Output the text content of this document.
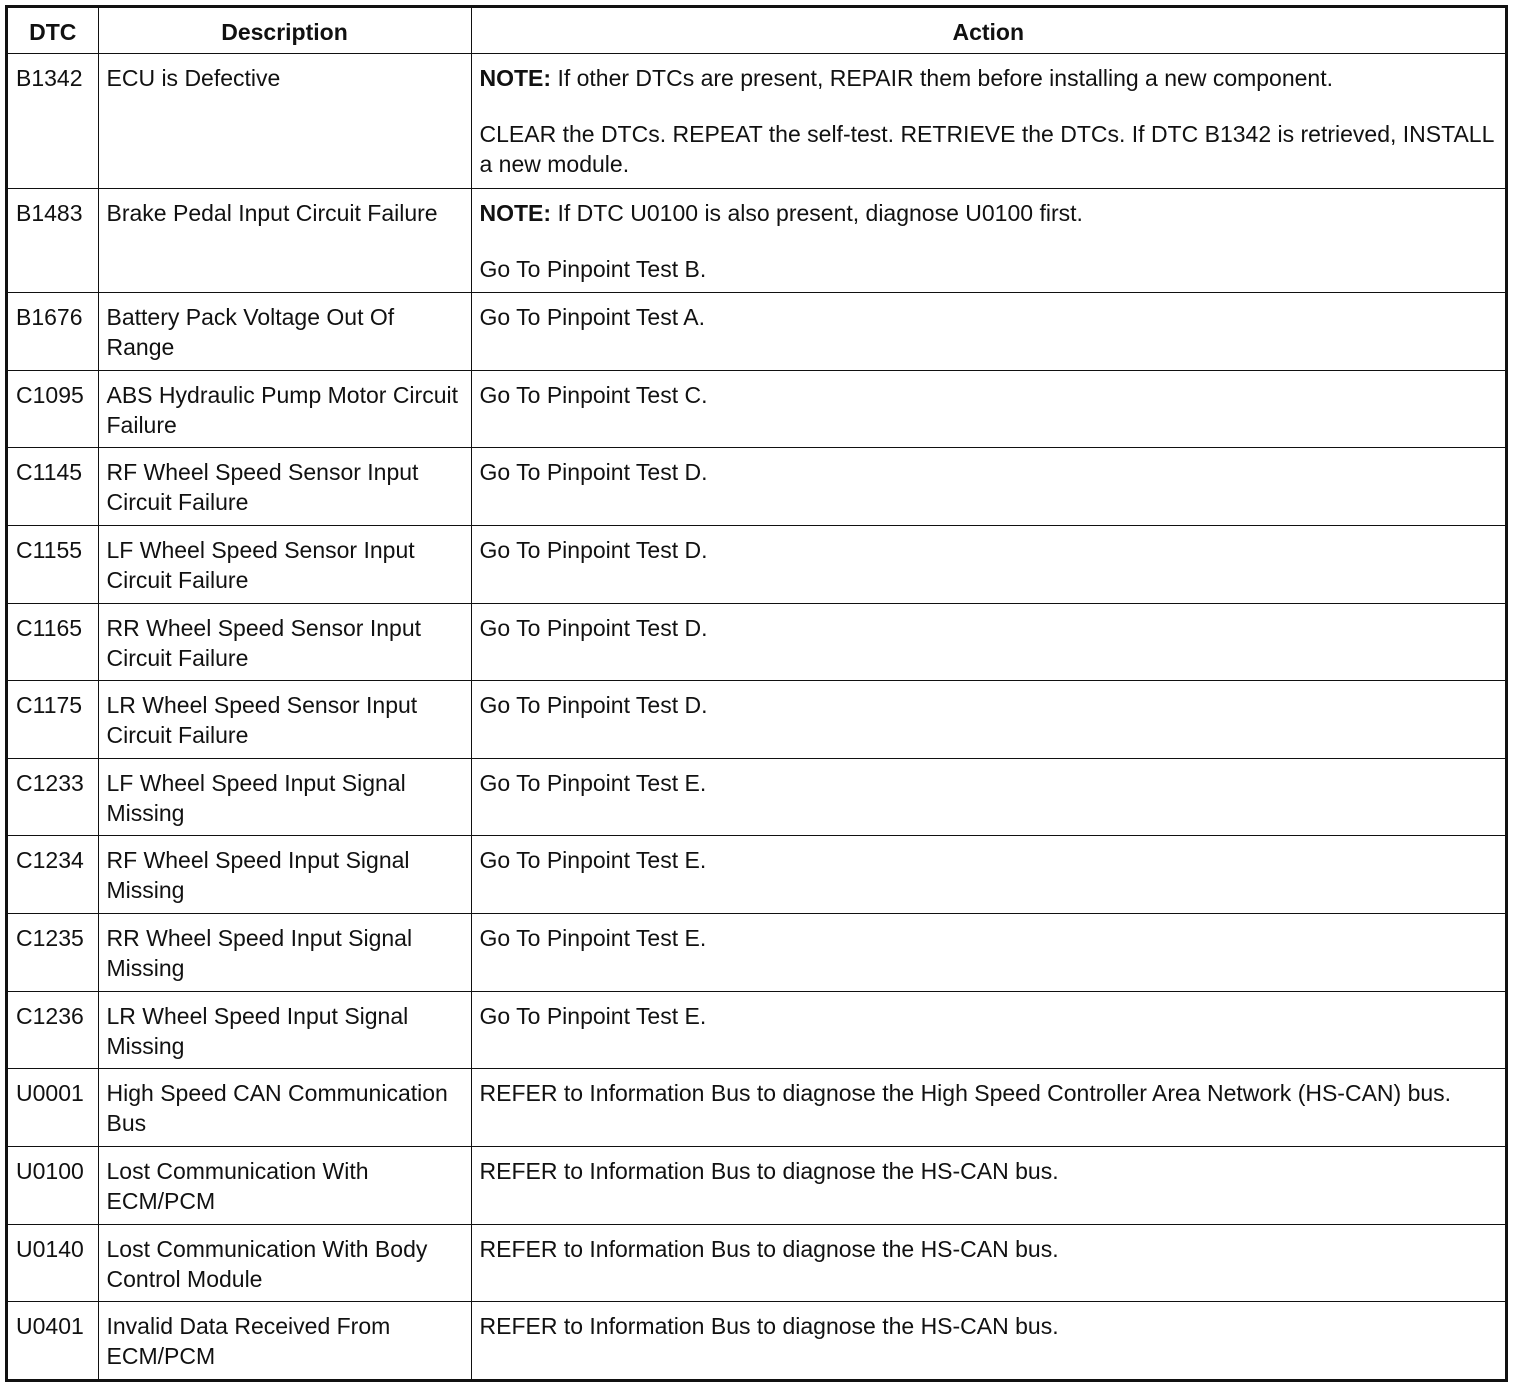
DTC	Description	Action
B1342	ECU is Defective	NOTE: If other DTCs are present, REPAIR them before installing a new component.
CLEAR the DTCs. REPEAT the self-test. RETRIEVE the DTCs. If DTC B1342 is retrieved, INSTALL a new module.

B1483	Brake Pedal Input Circuit Failure	NOTE: If DTC U0100 is also present, diagnose U0100 first.
Go To Pinpoint Test B.

B1676	Battery Pack Voltage Out Of Range	Go To Pinpoint Test A.
C1095	ABS Hydraulic Pump Motor Circuit Failure	Go To Pinpoint Test C.
C1145	RF Wheel Speed Sensor Input Circuit Failure	Go To Pinpoint Test D.
C1155	LF Wheel Speed Sensor Input Circuit Failure	Go To Pinpoint Test D.
C1165	RR Wheel Speed Sensor Input Circuit Failure	Go To Pinpoint Test D.
C1175	LR Wheel Speed Sensor Input Circuit Failure	Go To Pinpoint Test D.
C1233	LF Wheel Speed Input Signal Missing	Go To Pinpoint Test E.
C1234	RF Wheel Speed Input Signal Missing	Go To Pinpoint Test E.
C1235	RR Wheel Speed Input Signal Missing	Go To Pinpoint Test E.
C1236	LR Wheel Speed Input Signal Missing	Go To Pinpoint Test E.
U0001	High Speed CAN Communication Bus	REFER to Information Bus to diagnose the High Speed Controller Area Network (HS-CAN) bus.
U0100	Lost Communication With ECM/PCM	REFER to Information Bus to diagnose the HS-CAN bus.
U0140	Lost Communication With Body Control Module	REFER to Information Bus to diagnose the HS-CAN bus.
U0401	Invalid Data Received From ECM/PCM	REFER to Information Bus to diagnose the HS-CAN bus.
